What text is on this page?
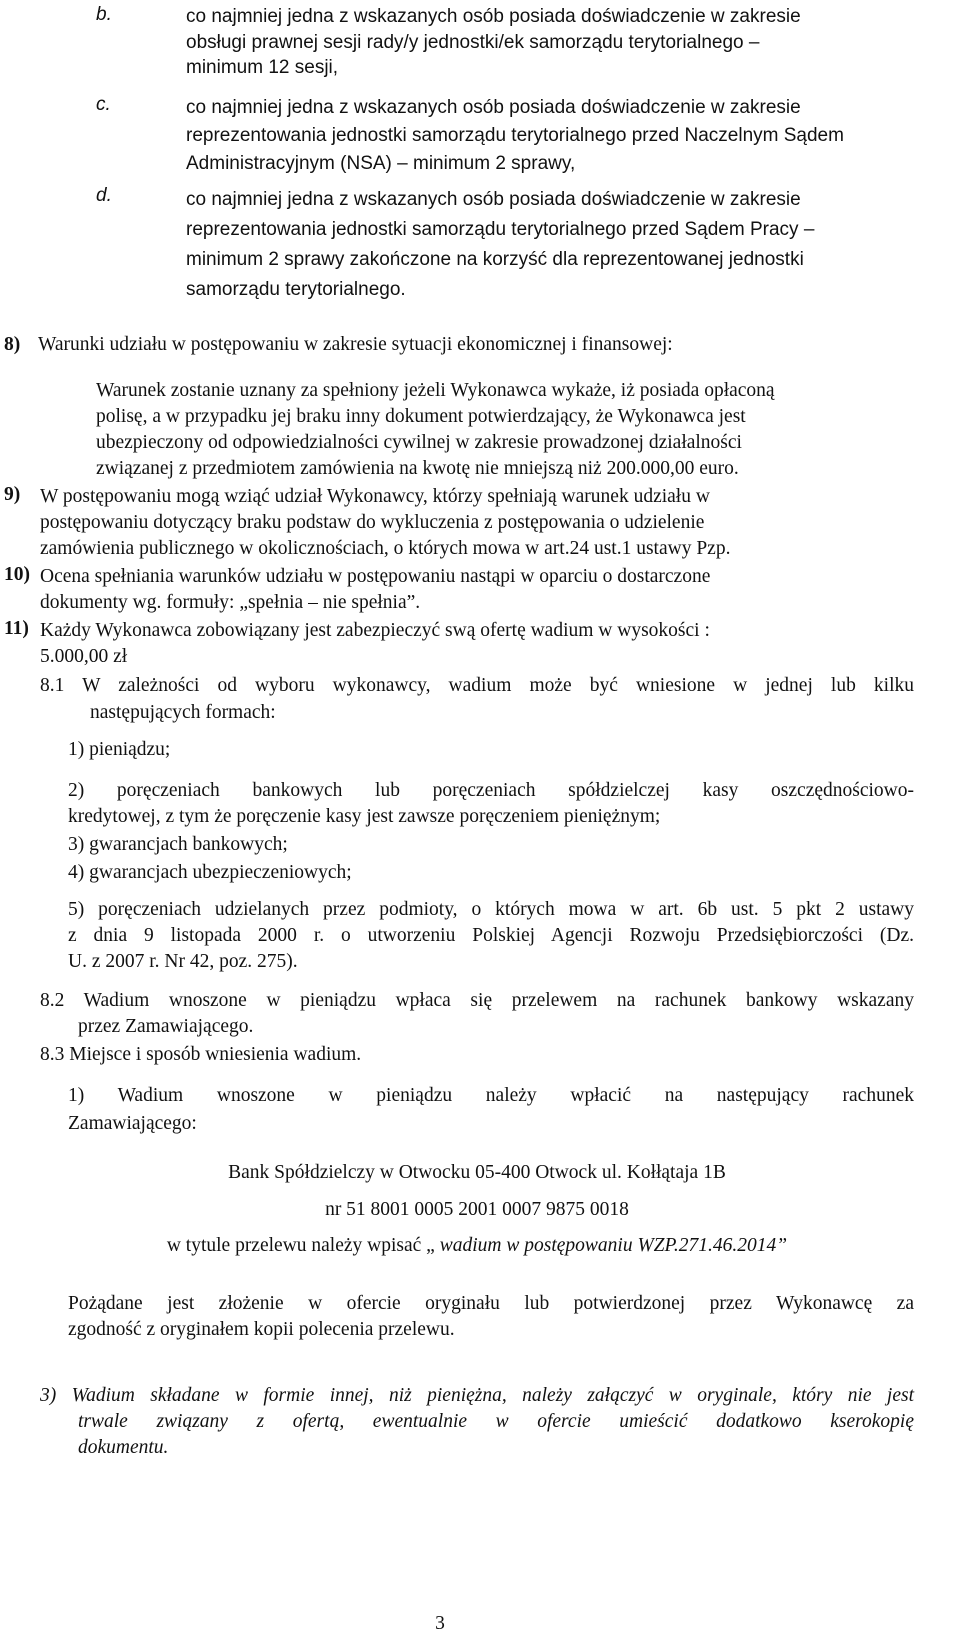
b.	co najmniej jedna z wskazanych osób posiada doświadczenie w zakresie
obsługi prawnej sesji rady/y jednostki/ek samorządu terytorialnego –
minimum 12 sesji,
c.	co najmniej jedna z wskazanych osób posiada doświadczenie w zakresie
reprezentowania jednostki samorządu terytorialnego przed Naczelnym Sądem
Administracyjnym (NSA) – minimum 2 sprawy,
d.	co najmniej jedna z wskazanych osób posiada doświadczenie w zakresie
reprezentowania jednostki samorządu terytorialnego przed Sądem Pracy –
minimum 2 sprawy zakończone na korzyść dla reprezentowanej jednostki
samorządu terytorialnego.
8) Warunki udziału w postępowaniu w zakresie sytuacji ekonomicznej i finansowej:
Warunek zostanie uznany za spełniony jeżeli Wykonawca wykaże, iż posiada opłaconą
polisę, a w przypadku jej braku inny dokument potwierdzający, że Wykonawca jest
ubezpieczony od odpowiedzialności cywilnej w zakresie prowadzonej działalności
związanej z przedmiotem zamówienia na kwotę nie mniejszą niż 200.000,00 euro.
9) W postępowaniu mogą wziąć udział Wykonawcy, którzy spełniają warunek udziału w
postępowaniu dotyczący braku podstaw do wykluczenia z postępowania o udzielenie
zamówienia publicznego w okolicznościach, o których mowa w art.24 ust.1 ustawy Pzp.
10) Ocena spełniania warunków udziału w postępowaniu nastąpi w oparciu o dostarczone
dokumenty wg. formuły: „spełnia – nie spełnia”.
11) Każdy Wykonawca zobowiązany jest zabezpieczyć swą ofertę wadium w wysokości :
5.000,00 zł
8.1 W zależności od wyboru wykonawcy, wadium może być wniesione w jednej lub kilku
następujących formach:
1) pieniądzu;
2) poręczeniach bankowych lub poręczeniach spółdzielczej kasy oszczędnościowo-
kredytowej, z tym że poręczenie kasy jest zawsze poręczeniem pieniężnym;
3) gwarancjach bankowych;
4) gwarancjach ubezpieczeniowych;
5) poręczeniach udzielanych przez podmioty, o których mowa w art. 6b ust. 5 pkt 2 ustawy
z dnia 9 listopada 2000 r. o utworzeniu Polskiej Agencji Rozwoju Przedsiębiorczości (Dz.
U. z 2007 r. Nr 42, poz. 275).
8.2 Wadium wnoszone w pieniądzu wpłaca się przelewem na rachunek bankowy wskazany
przez Zamawiającego.
8.3 Miejsce i sposób wniesienia wadium.
1) Wadium wnoszone w pieniądzu należy wpłacić na następujący rachunek
Zamawiającego:
Bank Spółdzielczy w Otwocku 05-400 Otwock ul. Kołłątaja 1B
nr 51 8001 0005 2001 0007 9875 0018
w tytule przelewu należy wpisać „ wadium w postępowaniu WZP.271.46.2014”
Pożądane jest złożenie w ofercie oryginału lub potwierdzonej przez Wykonawcę za
zgodność z oryginałem kopii polecenia przelewu.
3) Wadium składane w formie innej, niż pieniężna, należy załączyć w oryginale, który nie jest
trwale związany z ofertą, ewentualnie w ofercie umieścić dodatkowo kserokopię
dokumentu.
3
